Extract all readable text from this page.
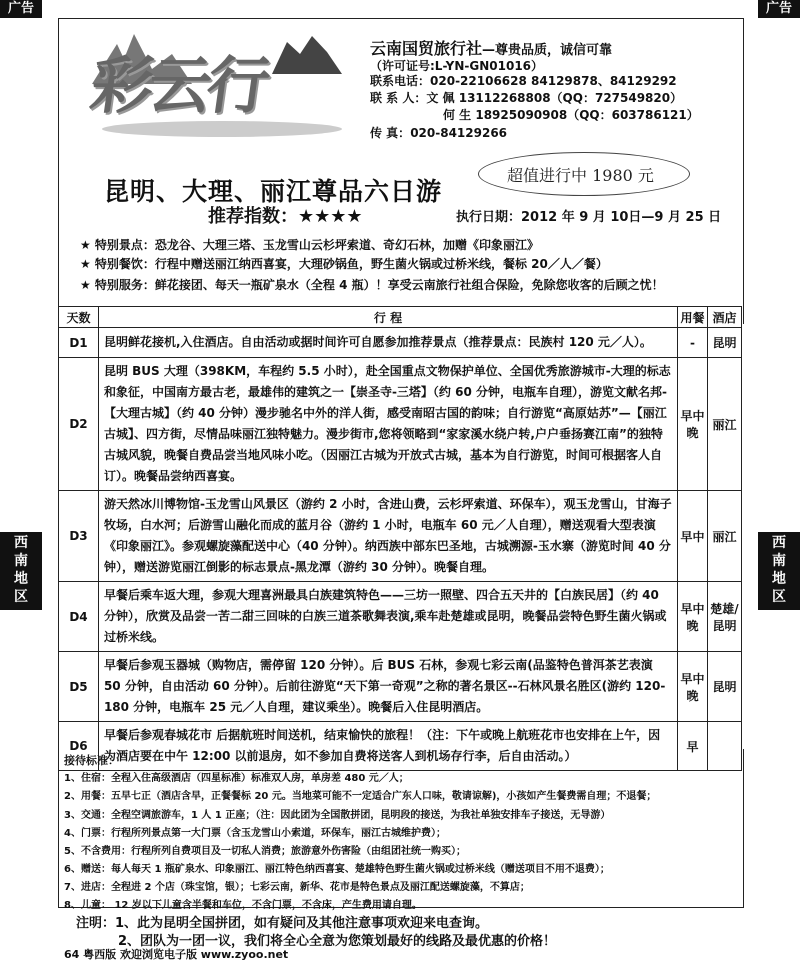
广告	广告
彩云行
云南国贸旅行社—尊贵品质，诚信可靠
（许可证号:L-YN-GN01016）
联系电话：020-22106628 84129878、84129292
联 系 人：文 佩 13112268808（QQ：727549820）
何 生 18925090908（QQ：603786121）
传 真：020-84129266
昆明、大理、丽江尊品六日游
超值进行中 1980 元
推荐指数：★★★★	执行日期：2012 年 9 月 10日—9 月 25 日
★ 特别景点：恐龙谷、大理三塔、玉龙雪山云杉坪索道、奇幻石林，加赠《印象丽江》
★ 特别餐饮：行程中赠送丽江纳西喜宴，大理砂锅鱼，野生菌火锅或过桥米线，餐标 20／人／餐）
★ 特别服务：鲜花接团、每天一瓶矿泉水（全程 4 瓶）！享受云南旅行社组合保险，免除您收客的后顾之忧！
西南地区
西南地区
天数	行 程	用餐	酒店
D1	昆明鲜花接机,入住酒店。自由活动或据时间许可自愿参加推荐景点（推荐景点：民族村 120 元／人）。	-	昆明
D2	昆明 BUS 大理（398KM，车程约 5.5 小时），赴全国重点文物保护单位、全国优秀旅游城市-大理的标志和象征，中国南方最古老，最雄伟的建筑之一【崇圣寺-三塔】（约 60 分钟，电瓶车自理），游览文献名邦-【大理古城】（约 40 分钟）漫步驰名中外的洋人街，感受南昭古国的韵味；自行游览“高原姑苏”—【丽江古城】、四方街，尽情品味丽江独特魅力。漫步街市,您将领略到“家家溪水绕户转,户户垂扬赛江南”的独特古城风貌，晚餐自费品尝当地风味小吃。（因丽江古城为开放式古城，基本为自行游览，时间可根据客人自订）。晚餐品尝纳西喜宴。	早中晚	丽江
D3	游天然冰川博物馆-玉龙雪山风景区（游约 2 小时，含进山费，云杉坪索道、环保车），观玉龙雪山，甘海子牧场，白水河；后游雪山融化而成的蓝月谷（游约 1 小时，电瓶车 60 元／人自理），赠送观看大型表演《印象丽江》。参观螺旋藻配送中心（40 分钟）。纳西族中部东巴圣地，古城溯源-玉水寨（游览时间 40 分钟），赠送游览丽江倒影的标志景点-黑龙潭（游约 30 分钟）。晚餐自理。	早中	丽江
D4	早餐后乘车返大理，参观大理喜洲最具白族建筑特色——三坊一照壁、四合五天井的【白族民居】（约 40 分钟），欣赏及品尝一苦二甜三回味的白族三道茶歌舞表演,乘车赴楚雄或昆明，晚餐品尝特色野生菌火锅或过桥米线。	早中晚	楚雄/昆明
D5	早餐后参观玉器城（购物店，需停留 120 分钟）。后 BUS 石林，参观七彩云南(品鉴特色普洱茶艺表演 50 分钟，自由活动 60 分钟）。后前往游览“天下第一奇观”之称的著名景区--石林风景名胜区(游约 120-180 分钟，电瓶车 25 元／人自理，建议乘坐）。晚餐后入住昆明酒店。	早中晚	昆明
D6	早餐后参观春城花市 后据航班时间送机，结束愉快的旅程！（注：下午或晚上航班花市也安排在上午，因为酒店要在中午 12:00 以前退房，如不参加自费将送客人到机场存行李，后自由活动。）	早	
接待标准：
1、住宿：全程入住高级酒店（四星标准）标准双人房，单房差 480 元／人；
2、用餐：五早七正（酒店含早，正餐餐标 20 元。当地菜可能不一定适合广东人口味，敬请谅解)，小孩如产生餐费需自理；不退餐；
3、交通：全程空调旅游车，1 人 1 正座；（注：因此团为全国散拼团，昆明段的接送，为我社单独安排车子接送，无导游）
4、门票：行程所列景点第一大门票（含玉龙雪山小索道，环保车，丽江古城维护费）；
5、不含费用：行程所列自费项目及一切私人消费；旅游意外伤害险（由组团社统一购买）；
6、赠送：每人每天 1 瓶矿泉水、印象丽江、丽江特色纳西喜宴、楚雄特色野生菌火锅或过桥米线（赠送项目不用不退费）；
7、进店：全程进 2 个店（珠宝馆，银）；七彩云南，新华、花市是特色景点及丽江配送螺旋藻，不算店；
8、儿童： 12 岁以下儿童含半餐和车位，不含门票，不含床，产生费用请自理。
注明：1、此为昆明全国拼团，如有疑问及其他注意事项欢迎来电查询。
2、团队为一团一议，我们将全心全意为您策划最好的线路及最优惠的价格！
64 粤西版 欢迎浏览电子版 www.zyoo.net
